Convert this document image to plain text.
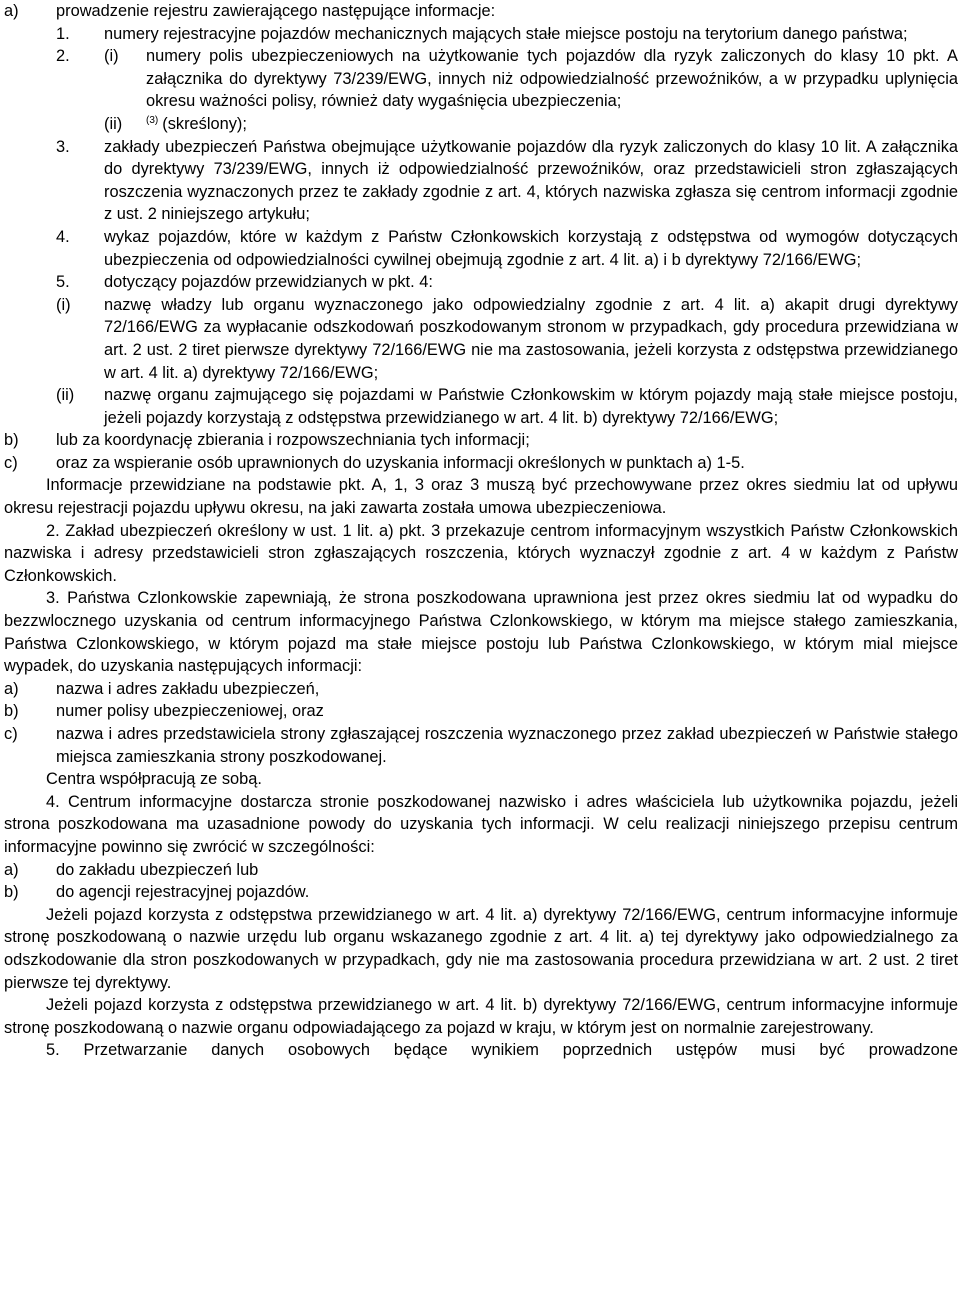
a)	prowadzenie rejestru zawierającego następujące informacje:
1.	numery rejestracyjne pojazdów mechanicznych mających stałe miejsce postoju na terytorium danego państwa;
2.	(i)	numery polis ubezpieczeniowych na użytkowanie tych pojazdów dla ryzyk zaliczonych do klasy 10 pkt. A załącznika do dyrektywy 73/239/EWG, innych niż odpowiedzialność przewoźników, a w przypadku uplynięcia okresu ważności polisy, również daty wygaśnięcia ubezpieczenia;
(ii)	$^{(3)}$ (skreślony);
3.	zakłady ubezpieczeń Państwa obejmujące użytkowanie pojazdów dla ryzyk zaliczonych do klasy 10 lit. A załącznika do dyrektywy 73/239/EWG, innych iż odpowiedzialność przewoźników, oraz przedstawicieli stron zgłaszających roszczenia wyznaczonych przez te zakłady zgodnie z art. 4, których nazwiska zgłasza się centrom informacji zgodnie z ust. 2 niniejszego artykułu;
4.	wykaz pojazdów, które w każdym z Państw Członkowskich korzystają z odstępstwa od wymogów dotyczących ubezpieczenia od odpowiedzialności cywilnej obejmują zgodnie z art. 4 lit. a) i b dyrektywy 72/166/EWG;
5.	dotyczący pojazdów przewidzianych w pkt. 4:
(i)	nazwę władzy lub organu wyznaczonego jako odpowiedzialny zgodnie z art. 4 lit. a) akapit drugi dyrektywy 72/166/EWG za wypłacanie odszkodowań poszkodowanym stronom w przypadkach, gdy procedura przewidziana w art. 2 ust. 2 tiret pierwsze dyrektywy 72/166/EWG nie ma zastosowania, jeżeli korzysta z odstępstwa przewidzianego w art. 4 lit. a) dyrektywy 72/166/EWG;
(ii)	nazwę organu zajmującego się pojazdami w Państwie Członkowskim w którym pojazdy mają stałe miejsce postoju, jeżeli pojazdy korzystają z odstępstwa przewidzianego w art. 4 lit. b) dyrektywy 72/166/EWG;
b)	lub za koordynację zbierania i rozpowszechniania tych informacji;
c)	oraz za wspieranie osób uprawnionych do uzyskania informacji określonych w punktach a) 1-5.
Informacje przewidziane na podstawie pkt. A, 1, 3 oraz 3 muszą być przechowywane przez okres siedmiu lat od upływu okresu rejestracji pojazdu upływu okresu, na jaki zawarta została umowa ubezpieczeniowa.
2. Zakład ubezpieczeń określony w ust. 1 lit. a) pkt. 3 przekazuje centrom informacyjnym wszystkich Państw Członkowskich nazwiska i adresy przedstawicieli stron zgłaszających roszczenia, których wyznaczył zgodnie z art. 4 w każdym z Państw Członkowskich.
3. Państwa Czlonkowskie zapewniają, że strona poszkodowana uprawniona jest przez okres siedmiu lat od wypadku do bezzwlocznego uzyskania od centrum informacyjnego Państwa Czlonkowskiego, w którym ma miejsce stałego zamieszkania, Państwa Czlonkowskiego, w którym pojazd ma stałe miejsce postoju lub Państwa Czlonkowskiego, w którym mial miejsce wypadek, do uzyskania następujących informacji:
a)	nazwa i adres zakładu ubezpieczeń,
b)	numer polisy ubezpieczeniowej, oraz
c)	nazwa i adres przedstawiciela strony zgłaszającej roszczenia wyznaczonego przez zakład ubezpieczeń w Państwie stałego miejsca zamieszkania strony poszkodowanej.
Centra współpracują ze sobą.
4. Centrum informacyjne dostarcza stronie poszkodowanej nazwisko i adres właściciela lub użytkownika pojazdu, jeżeli strona poszkodowana ma uzasadnione powody do uzyskania tych informacji. W celu realizacji niniejszego przepisu centrum informacyjne powinno się zwrócić w szczególności:
a)	do zakładu ubezpieczeń lub
b)	do agencji rejestracyjnej pojazdów.
Jeżeli pojazd korzysta z odstępstwa przewidzianego w art. 4 lit. a) dyrektywy 72/166/EWG, centrum informacyjne informuje stronę poszkodowaną o nazwie urzędu lub organu wskazanego zgodnie z art. 4 lit. a) tej dyrektywy jako odpowiedzialnego za odszkodowanie dla stron poszkodowanych w przypadkach, gdy nie ma zastosowania procedura przewidziana w art. 2 ust. 2 tiret pierwsze tej dyrektywy.
Jeżeli pojazd korzysta z odstępstwa przewidzianego w art. 4 lit. b) dyrektywy 72/166/EWG, centrum informacyjne informuje stronę poszkodowaną o nazwie organu odpowiadającego za pojazd w kraju, w którym jest on normalnie zarejestrowany.
5. Przetwarzanie danych osobowych będące wynikiem poprzednich ustępów musi być prowadzone
